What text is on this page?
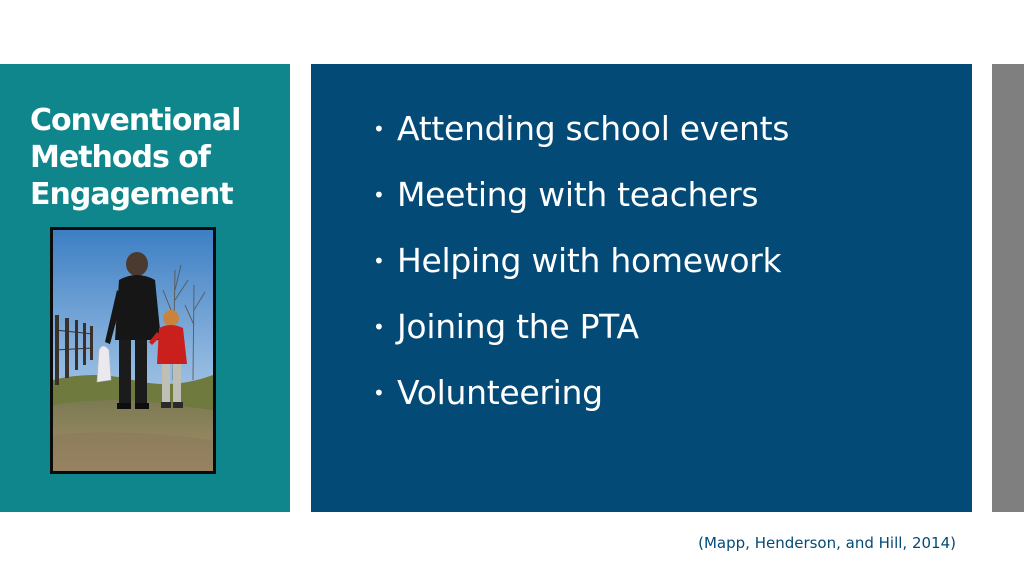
Conventional
Methods of
Engagement
• Attending school events
• Meeting with teachers
• Helping with homework
• Joining the PTA
• Volunteering
(Mapp, Henderson, and Hill, 2014)
